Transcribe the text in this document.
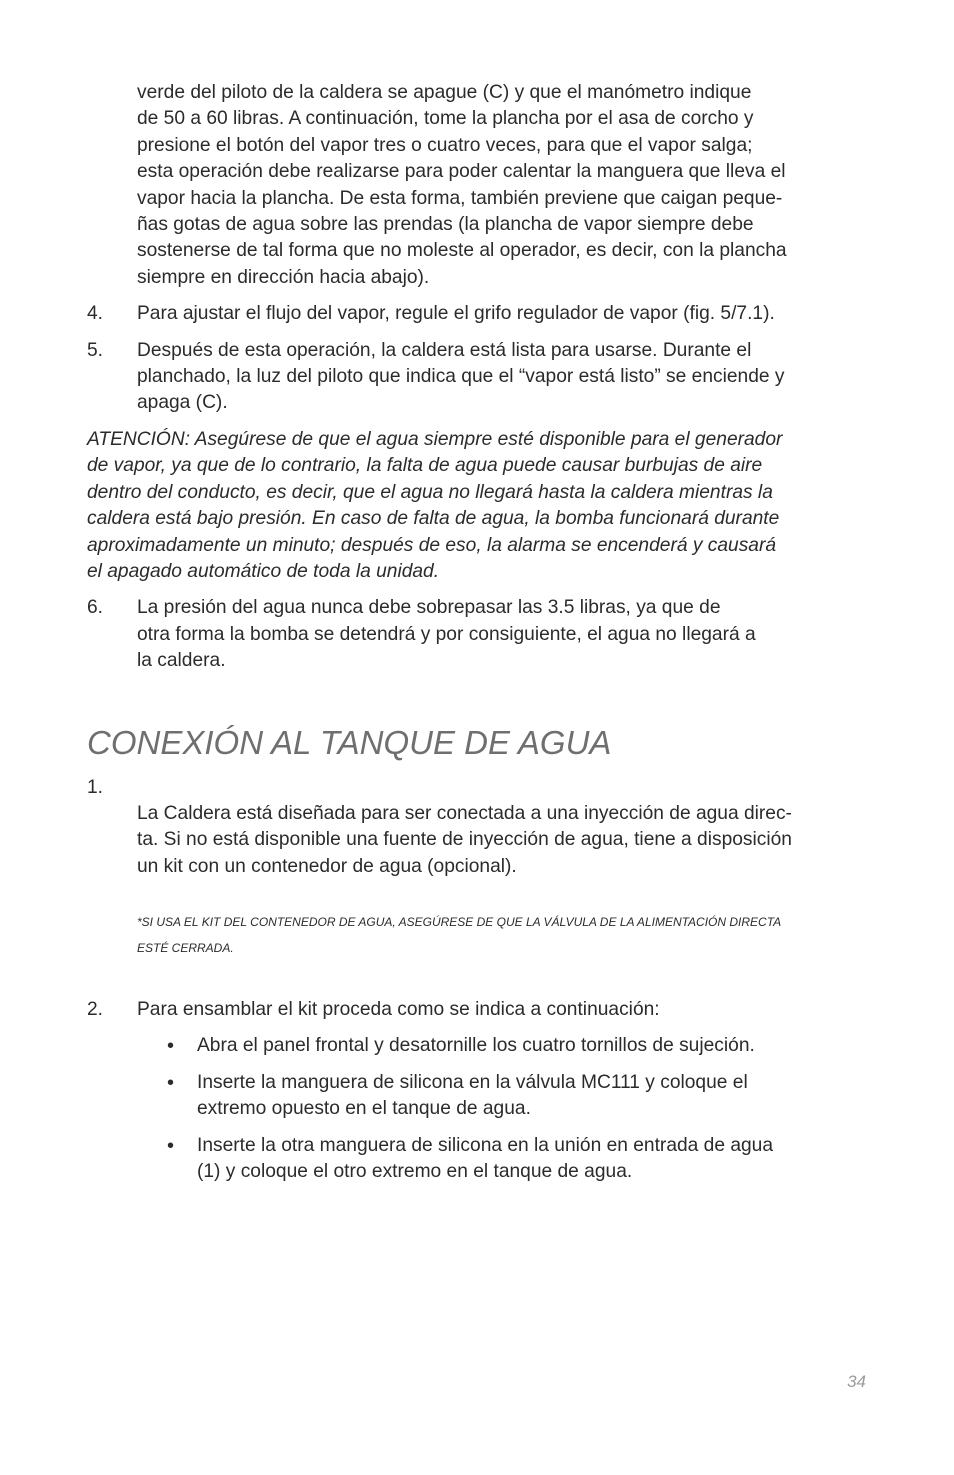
verde del piloto de la caldera se apague (C) y que el manómetro indique
de 50 a 60 libras. A continuación, tome la plancha por el asa de corcho y
presione el botón del vapor tres o cuatro veces, para que el vapor salga;
esta operación debe realizarse para poder calentar la manguera que lleva el
vapor hacia la plancha. De esta forma, también previene que caigan peque-
ñas gotas de agua sobre las prendas (la plancha de vapor siempre debe
sostenerse de tal forma que no moleste al operador, es decir, con la plancha
siempre en dirección hacia abajo).
4.	Para ajustar el flujo del vapor, regule el grifo regulador de vapor (fig. 5/7.1).
5.	Después de esta operación, la caldera está lista para usarse. Durante el
planchado, la luz del piloto que indica que el “vapor está listo” se enciende y
apaga (C).
ATENCIÓN: Asegúrese de que el agua siempre esté disponible para el generador
de vapor, ya que de lo contrario, la falta de agua puede causar burbujas de aire
dentro del conducto, es decir, que el agua no llegará hasta la caldera mientras la
caldera está bajo presión. En caso de falta de agua, la bomba funcionará durante
aproximadamente un minuto; después de eso, la alarma se encenderá y causará
el apagado automático de toda la unidad.
6.	La presión del agua nunca debe sobrepasar las 3.5 libras, ya que de
otra forma la bomba se detendrá y por consiguiente, el agua no llegará a
la caldera.
CONEXIÓN AL TANQUE DE AGUA
1.

La Caldera está diseñada para ser conectada a una inyección de agua direc-
ta. Si no está disponible una fuente de inyección de agua, tiene a disposición
un kit con un contenedor de agua (opcional).

*SI USA EL KIT DEL CONTENEDOR DE AGUA, ASEGÚRESE DE QUE LA VÁLVULA DE LA ALIMENTACIÓN DIRECTA
ESTÉ CERRADA.

2.	Para ensamblar el kit proceda como se indica a continuación:
•	Abra el panel frontal y desatornille los cuatro tornillos de sujeción.
•	Inserte la manguera de silicona en la válvula MC111 y coloque el
extremo opuesto en el tanque de agua.
•	Inserte la otra manguera de silicona en la unión en entrada de agua
(1) y coloque el otro extremo en el tanque de agua.
34
